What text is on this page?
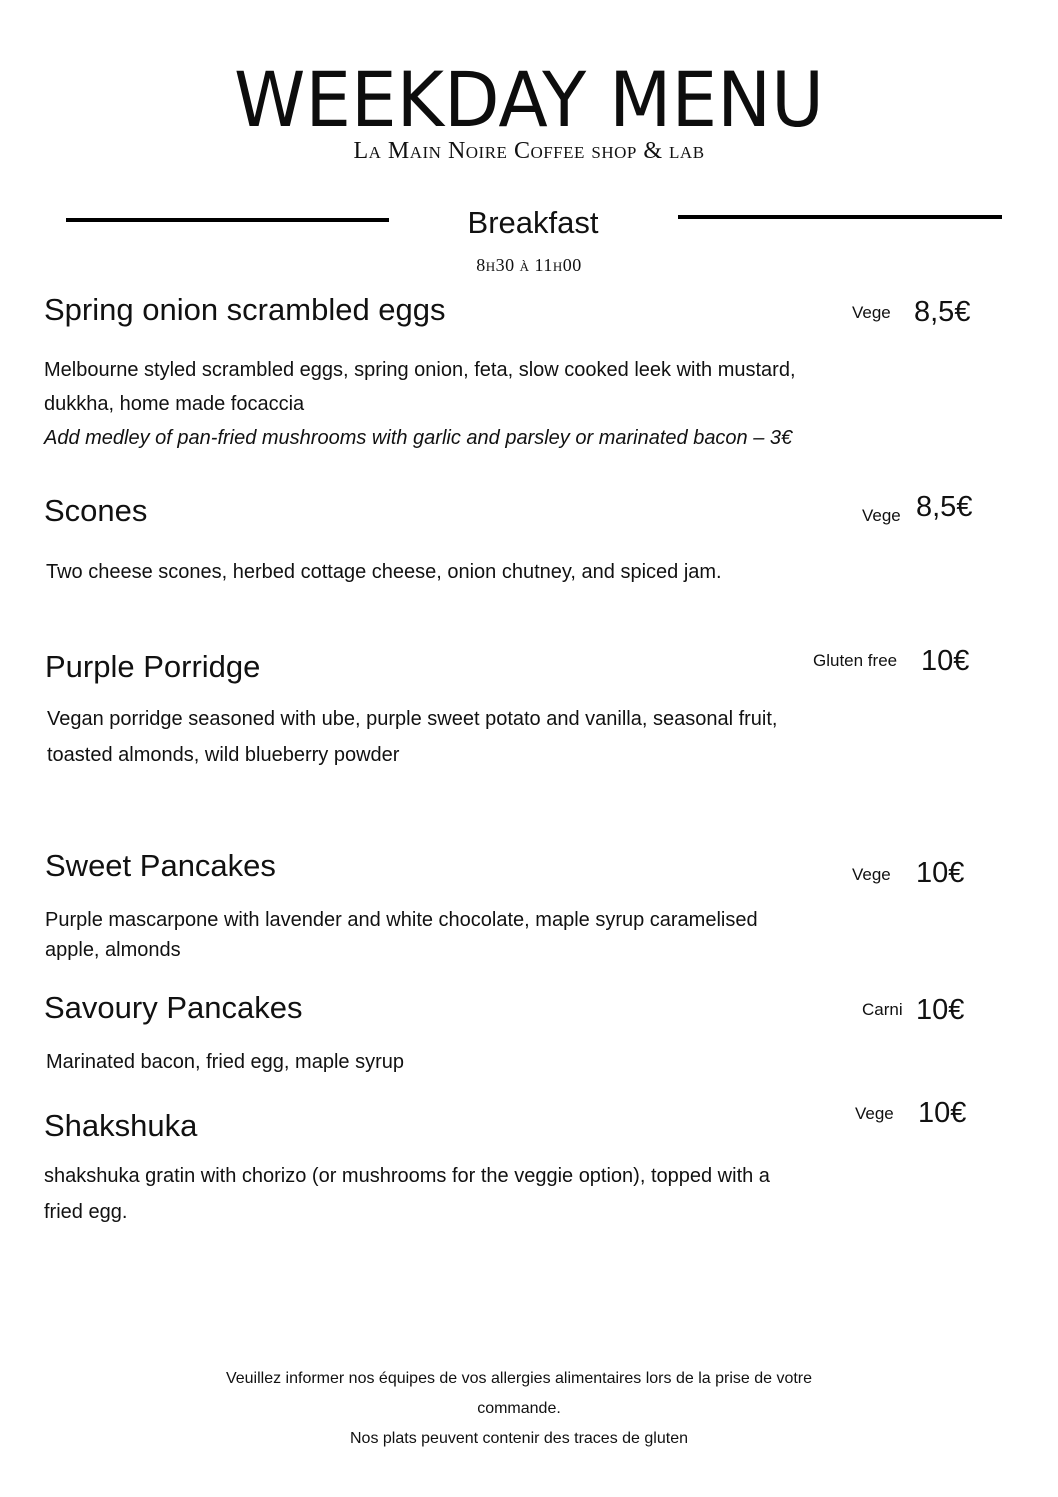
WEEKDAY MENU
La Main Noire Coffee shop & lab
Breakfast
8h30 à 11h00
Spring onion scrambled eggs	Vege 8,5€
Melbourne styled scrambled eggs, spring onion, feta, slow cooked leek with mustard,
dukkha, home made focaccia
Add medley of pan-fried mushrooms with garlic and parsley or marinated bacon – 3€
Scones	Vege 8,5€
Two cheese scones, herbed cottage cheese, onion chutney, and spiced jam.
Purple Porridge	Gluten free 10€
Vegan porridge seasoned with ube, purple sweet potato and vanilla, seasonal fruit,
toasted almonds, wild blueberry powder
Sweet Pancakes	Vege 10€
Purple mascarpone with lavender and white chocolate, maple syrup caramelised
apple, almonds
Savoury Pancakes	Carni 10€
Marinated bacon, fried egg, maple syrup
Shakshuka	Vege 10€
shakshuka gratin with chorizo (or mushrooms for the veggie option), topped with a
fried egg.
Veuillez informer nos équipes de vos allergies alimentaires lors de la prise de votre
commande.
Nos plats peuvent contenir des traces de gluten
